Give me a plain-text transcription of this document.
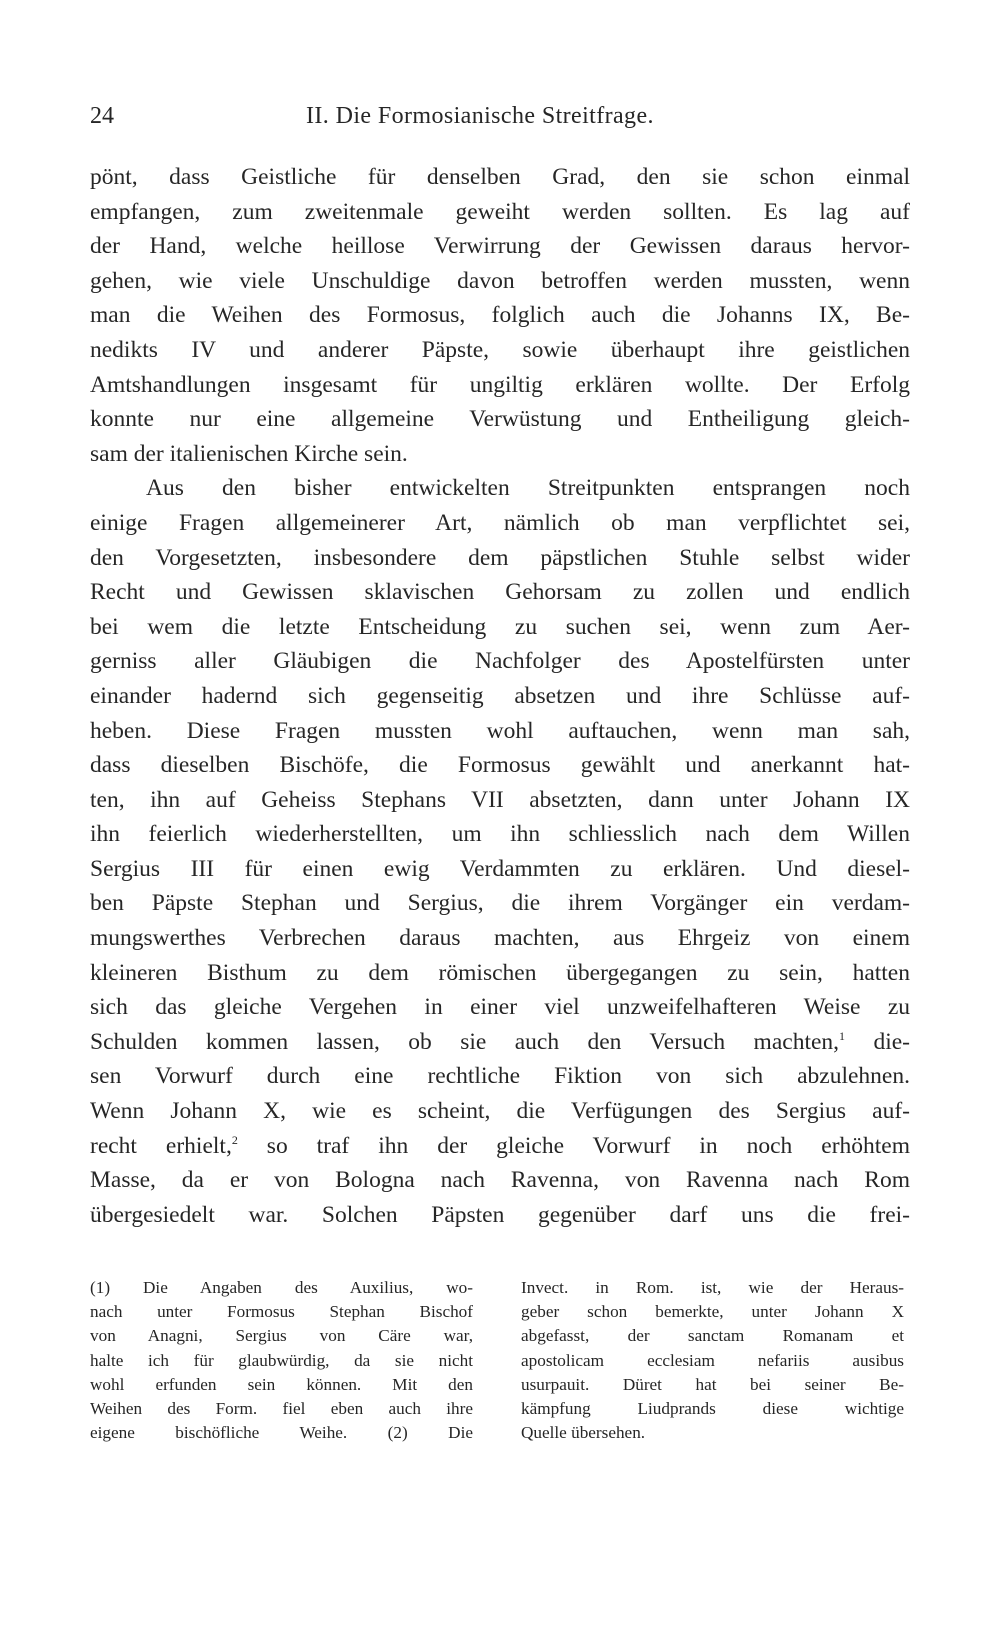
24	II. Die Formosianische Streitfrage.
pönt, dass Geistliche für denselben Grad, den sie schon einmal
empfangen, zum zweitenmale geweiht werden sollten. Es lag auf
der Hand, welche heillose Verwirrung der Gewissen daraus hervor-
gehen, wie viele Unschuldige davon betroffen werden mussten, wenn
man die Weihen des Formosus, folglich auch die Johanns IX, Be-
nedikts IV und anderer Päpste, sowie überhaupt ihre geistlichen
Amtshandlungen insgesamt für ungiltig erklären wollte. Der Erfolg
konnte nur eine allgemeine Verwüstung und Entheiligung gleich-
sam der italienischen Kirche sein.
Aus den bisher entwickelten Streitpunkten entsprangen noch
einige Fragen allgemeinerer Art, nämlich ob man verpflichtet sei,
den Vorgesetzten, insbesondere dem päpstlichen Stuhle selbst wider
Recht und Gewissen sklavischen Gehorsam zu zollen und endlich
bei wem die letzte Entscheidung zu suchen sei, wenn zum Aer-
gerniss aller Gläubigen die Nachfolger des Apostelfürsten unter
einander hadernd sich gegenseitig absetzen und ihre Schlüsse auf-
heben. Diese Fragen mussten wohl auftauchen, wenn man sah,
dass dieselben Bischöfe, die Formosus gewählt und anerkannt hat-
ten, ihn auf Geheiss Stephans VII absetzten, dann unter Johann IX
ihn feierlich wiederherstellten, um ihn schliesslich nach dem Willen
Sergius III für einen ewig Verdammten zu erklären. Und diesel-
ben Päpste Stephan und Sergius, die ihrem Vorgänger ein verdam-
mungswerthes Verbrechen daraus machten, aus Ehrgeiz von einem
kleineren Bisthum zu dem römischen übergegangen zu sein, hatten
sich das gleiche Vergehen in einer viel unzweifelhafteren Weise zu
Schulden kommen lassen, ob sie auch den Versuch machten,$^1$ die-
sen Vorwurf durch eine rechtliche Fiktion von sich abzulehnen.
Wenn Johann X, wie es scheint, die Verfügungen des Sergius auf-
recht erhielt,$^2$ so traf ihn der gleiche Vorwurf in noch erhöhtem
Masse, da er von Bologna nach Ravenna, von Ravenna nach Rom
übergesiedelt war. Solchen Päpsten gegenüber darf uns die frei-
(1) Die Angaben des Auxilius, wo-
nach unter Formosus Stephan Bischof
von Anagni, Sergius von Cäre war,
halte ich für glaubwürdig, da sie nicht
wohl erfunden sein können. Mit den
Weihen des Form. fiel eben auch ihre
eigene bischöfliche Weihe. (2) Die
Invect. in Rom. ist, wie der Heraus-
geber schon bemerkte, unter Johann X
abgefasst, der sanctam Romanam et
apostolicam ecclesiam nefariis ausibus
usurpauit. Düret hat bei seiner Be-
kämpfung Liudprands diese wichtige
Quelle übersehen.
